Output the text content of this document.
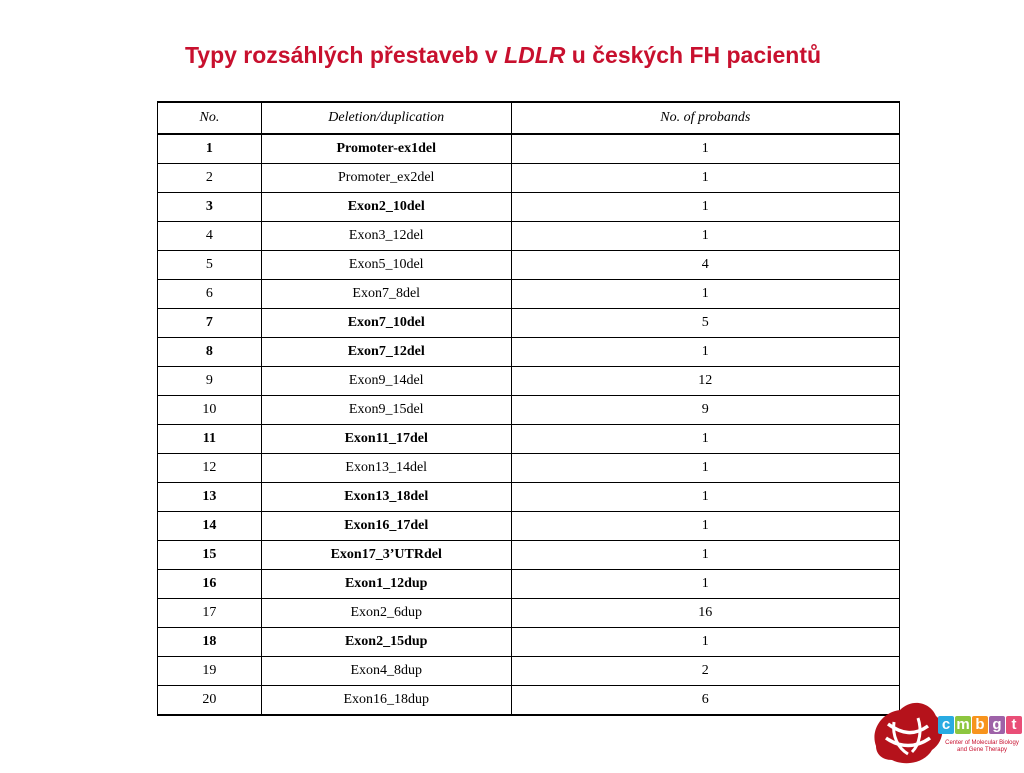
Typy rozsáhlých přestaveb v LDLR u českých FH pacientů
No.	Deletion/duplication	No. of probands
1	Promoter-ex1del	1
2	Promoter_ex2del	1
3	Exon2_10del	1
4	Exon3_12del	1
5	Exon5_10del	4
6	Exon7_8del	1
7	Exon7_10del	5
8	Exon7_12del	1
9	Exon9_14del	12
10	Exon9_15del	9
11	Exon11_17del	1
12	Exon13_14del	1
13	Exon13_18del	1
14	Exon16_17del	1
15	Exon17_3’UTRdel	1
16	Exon1_12dup	1
17	Exon2_6dup	16
18	Exon2_15dup	1
19	Exon4_8dup	2
20	Exon16_18dup	6
c m b g t
Center of Molecular Biology
and Gene Therapy
